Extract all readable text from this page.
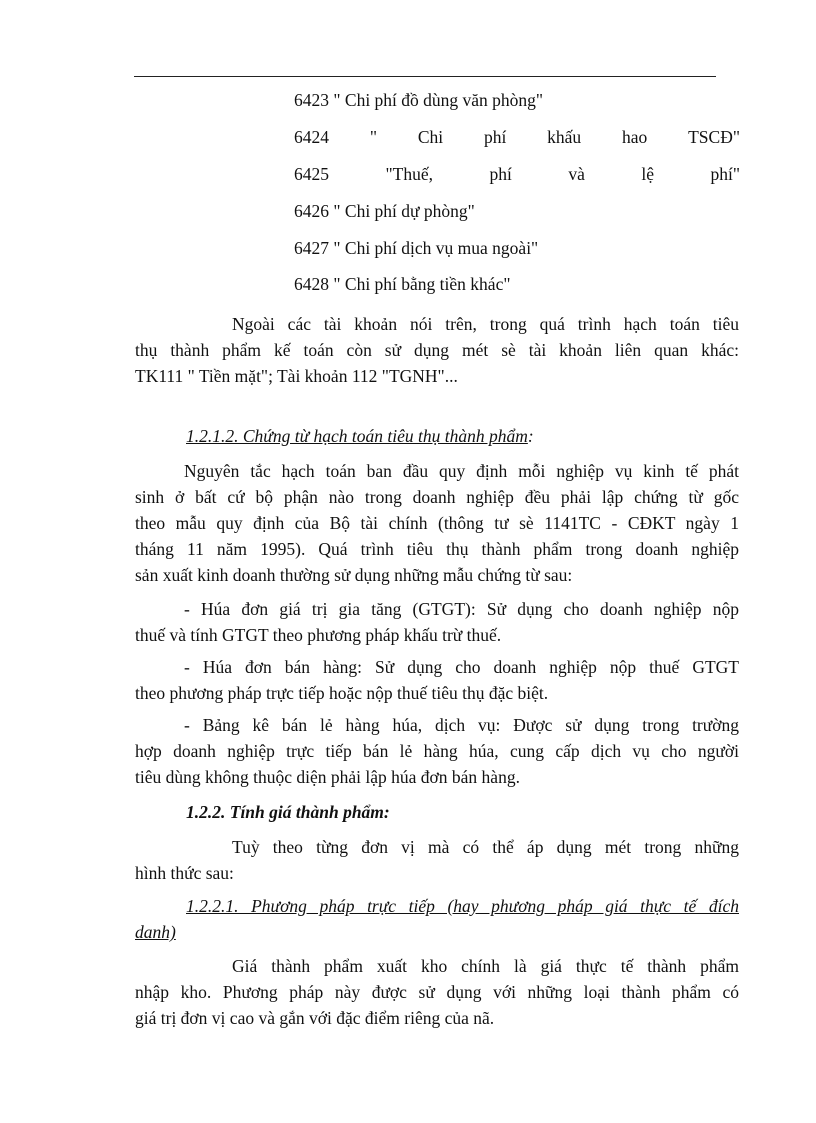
6423 " Chi phí đồ dùng văn phòng"
6424 " Chi phí khấu hao TSCĐ"
6425	"Thuế,	phí	và	lệ	phí"
6426 " Chi phí dự phòng"
6427 " Chi phí dịch vụ mua ngoài"
6428 " Chi phí bằng tiền khác"

Ngoài các tài khoản nói trên, trong quá trình hạch toán tiêu
thụ thành phẩm kế toán còn sử dụng mét sè tài khoản liên quan khác:
TK111 " Tiền mặt"; Tài khoản 112 "TGNH"...

1.2.1.2. Chứng từ hạch toán tiêu thụ thành phẩm:

Nguyên tắc hạch toán ban đầu quy định mỗi nghiệp vụ kinh tế phát
sinh ở bất cứ bộ phận nào trong doanh nghiệp đều phải lập chứng từ gốc
theo mẫu quy định của Bộ tài chính (thông tư sè 1141TC - CĐKT ngày 1
tháng 11 năm 1995). Quá trình tiêu thụ thành phẩm trong doanh nghiệp
sản xuất kinh doanh thường sử dụng những mẫu chứng từ sau:

- Húa đơn giá trị gia tăng (GTGT): Sử dụng cho doanh nghiệp nộp
thuế và tính GTGT theo phương pháp khấu trừ thuế.

- Húa đơn bán hàng: Sử dụng cho doanh nghiệp nộp thuế GTGT
theo phương pháp trực tiếp hoặc nộp thuế tiêu thụ đặc biệt.

- Bảng kê bán lẻ hàng húa, dịch vụ: Được sử dụng trong trường
hợp doanh nghiệp trực tiếp bán lẻ hàng húa, cung cấp dịch vụ cho người
tiêu dùng không thuộc diện phải lập húa đơn bán hàng.

1.2.2. Tính giá thành phẩm:

Tuỳ theo từng đơn vị mà có thể áp dụng mét trong những
hình thức sau:

1.2.2.1. Phương pháp trực tiếp (hay phương pháp giá thực tế đích
danh)

Giá thành phẩm xuất kho chính là giá thực tế thành phẩm
nhập kho. Phương pháp này được sử dụng với những loại thành phẩm có
giá trị đơn vị cao và gắn với đặc điểm riêng của nã.
